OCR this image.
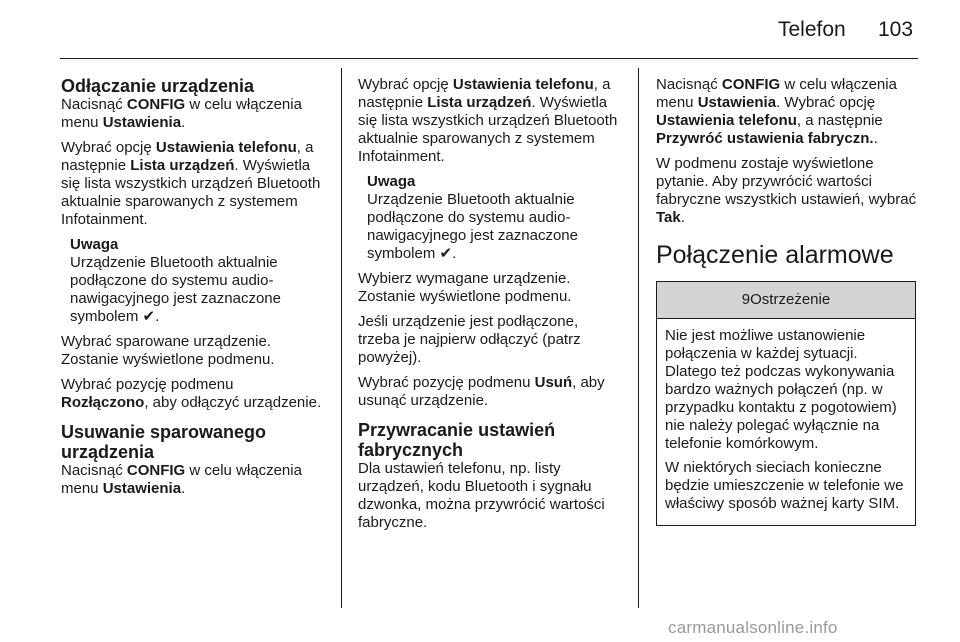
Telefon 103
Odłączanie urządzenia

Nacisnąć CONFIG w celu włączenia menu Ustawienia.

Wybrać opcję Ustawienia telefonu, a następnie Lista urządzeń. Wyświetla się lista wszystkich urządzeń Bluetooth aktualnie sparowanych z systemem Infotainment.

Uwaga
Urządzenie Bluetooth aktualnie podłączone do systemu audio-nawigacyjnego jest zaznaczone symbolem ✔.

Wybrać sparowane urządzenie. Zostanie wyświetlone podmenu.

Wybrać pozycję podmenu Rozłączono, aby odłączyć urządzenie.

Usuwanie sparowanego urządzenia

Nacisnąć CONFIG w celu włączenia menu Ustawienia.

Wybrać opcję Ustawienia telefonu, a następnie Lista urządzeń. Wyświetla się lista wszystkich urządzeń Bluetooth aktualnie sparowanych z systemem Infotainment.

Uwaga
Urządzenie Bluetooth aktualnie podłączone do systemu audio-nawigacyjnego jest zaznaczone symbolem ✔.

Wybierz wymagane urządzenie. Zostanie wyświetlone podmenu.

Jeśli urządzenie jest podłączone, trzeba je najpierw odłączyć (patrz powyżej).

Wybrać pozycję podmenu Usuń, aby usunąć urządzenie.

Przywracanie ustawień fabrycznych

Dla ustawień telefonu, np. listy urządzeń, kodu Bluetooth i sygnału dzwonka, można przywrócić wartości fabryczne.

Nacisnąć CONFIG w celu włączenia menu Ustawienia. Wybrać opcję Ustawienia telefonu, a następnie Przywróć ustawienia fabryczn..

W podmenu zostaje wyświetlone pytanie. Aby przywrócić wartości fabryczne wszystkich ustawień, wybrać Tak.

Połączenie alarmowe
9Ostrzeżenie

Nie jest możliwe ustanowienie połączenia w każdej sytuacji. Dlatego też podczas wykonywania bardzo ważnych połączeń (np. w przypadku kontaktu z pogotowiem) nie należy polegać wyłącznie na telefonie komórkowym.

W niektórych sieciach konieczne będzie umieszczenie w telefonie we właściwy sposób ważnej karty SIM.

carmanualsonline.info
